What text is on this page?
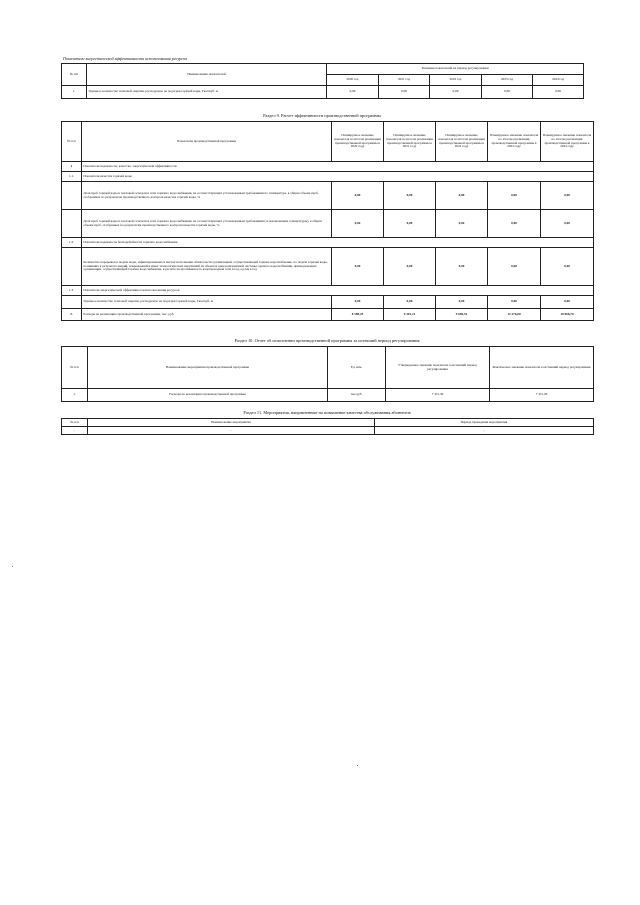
Показатели энергетической эффективности использования ресурсов
№ п/п	Наименование показателей	Значения показателей на период регулирования				
		2020 год	2021 год	2022 год	2023 год	2024 год
1.	Удельное количество тепловой энергии, расходуемое на подогрев горячей воды, Гкал/куб. м	0,06	0,06	0,06	0,06	0,06
Раздел 9. Расчет эффективности производственной программы
№ п/п	Показатели производственной программы	Планируемое значение показателя по итогам реализации производственной программы в 2020 году	Планируемое значение показателя по итогам реализации производственной программы в 2021 году	Планируемое значение показателя по итогам реализации производственной программы в 2022 году	Планируемое значение показателя по итогам реализации производственной программы в 2023 году	Планируемое значение показателя по итогам реализации производственной программы в 2024 году
1	Показатели надежности, качества, энергетической эффективности					
1.1.	Показатели качества горячей воды					
	Доля проб горячей воды в тепловой сети или в сети горячего водоснабжения, не соответствующих установленным требованиям по температуре, в общем объеме проб, отобранных по результатам производственного контроля качества горячей воды, %	0,00	0,00	0,00	0,00	0,00
	Доля проб горячей воды в тепловой сети или в сети горячего водоснабжения, не соответствующих установленным требованиям (за исключением температуры), в общем объеме проб, отобранных по результатам производственного контроля качества горячей воды, %	0,00	0,00	0,00	0,00	0,00
1.2.	Показатели надежности бесперебойности горячего водоснабжения					
	Количество перерывов в подаче воды, зафиксированных в местах исполнения обязательств организацией, осуществляющей горячее водоснабжение, по подаче горячей воды, возникших в результате аварий, повреждений и иных технологических нарушений на объектах централизованной системы горячего водоснабжения, принадлежащих организации, осуществляющей горячее водоснабжение, в расчете на протяженность водопроводной сети в год, ед./км в год	0,00	0,00	0,00	0,00	0,00
1.3.	Показатели энергетической эффективности использования ресурсов					
	Удельное количество тепловой энергии, расходуемое на подогрев горячей воды, Гкал/куб. м	0,06	0,06	0,06	0,06	0,06
2.	Расходы на реализацию производственной программы, тыс. руб.	8 188,25	9 301,21	9 696,51	12 276,00	10 066,70
Раздел 10. Отчет об исполнении производственной программы за истекший период регулирования
№ п/п	Наименование мероприятия производственной программы	Ед. изм.	Утвержденное значение показателя за истекший период регулирования	Фактическое значение показателя за истекший период регулирования
1.	Расходы на реализацию производственной программы	тыс.руб.	7 315,30	7 315,26
Раздел 11. Мероприятия, направленные на повышение качества обслуживания абонентов
№ п/п	Наименование мероприятия	Период проведения мероприятия
-	-	-
